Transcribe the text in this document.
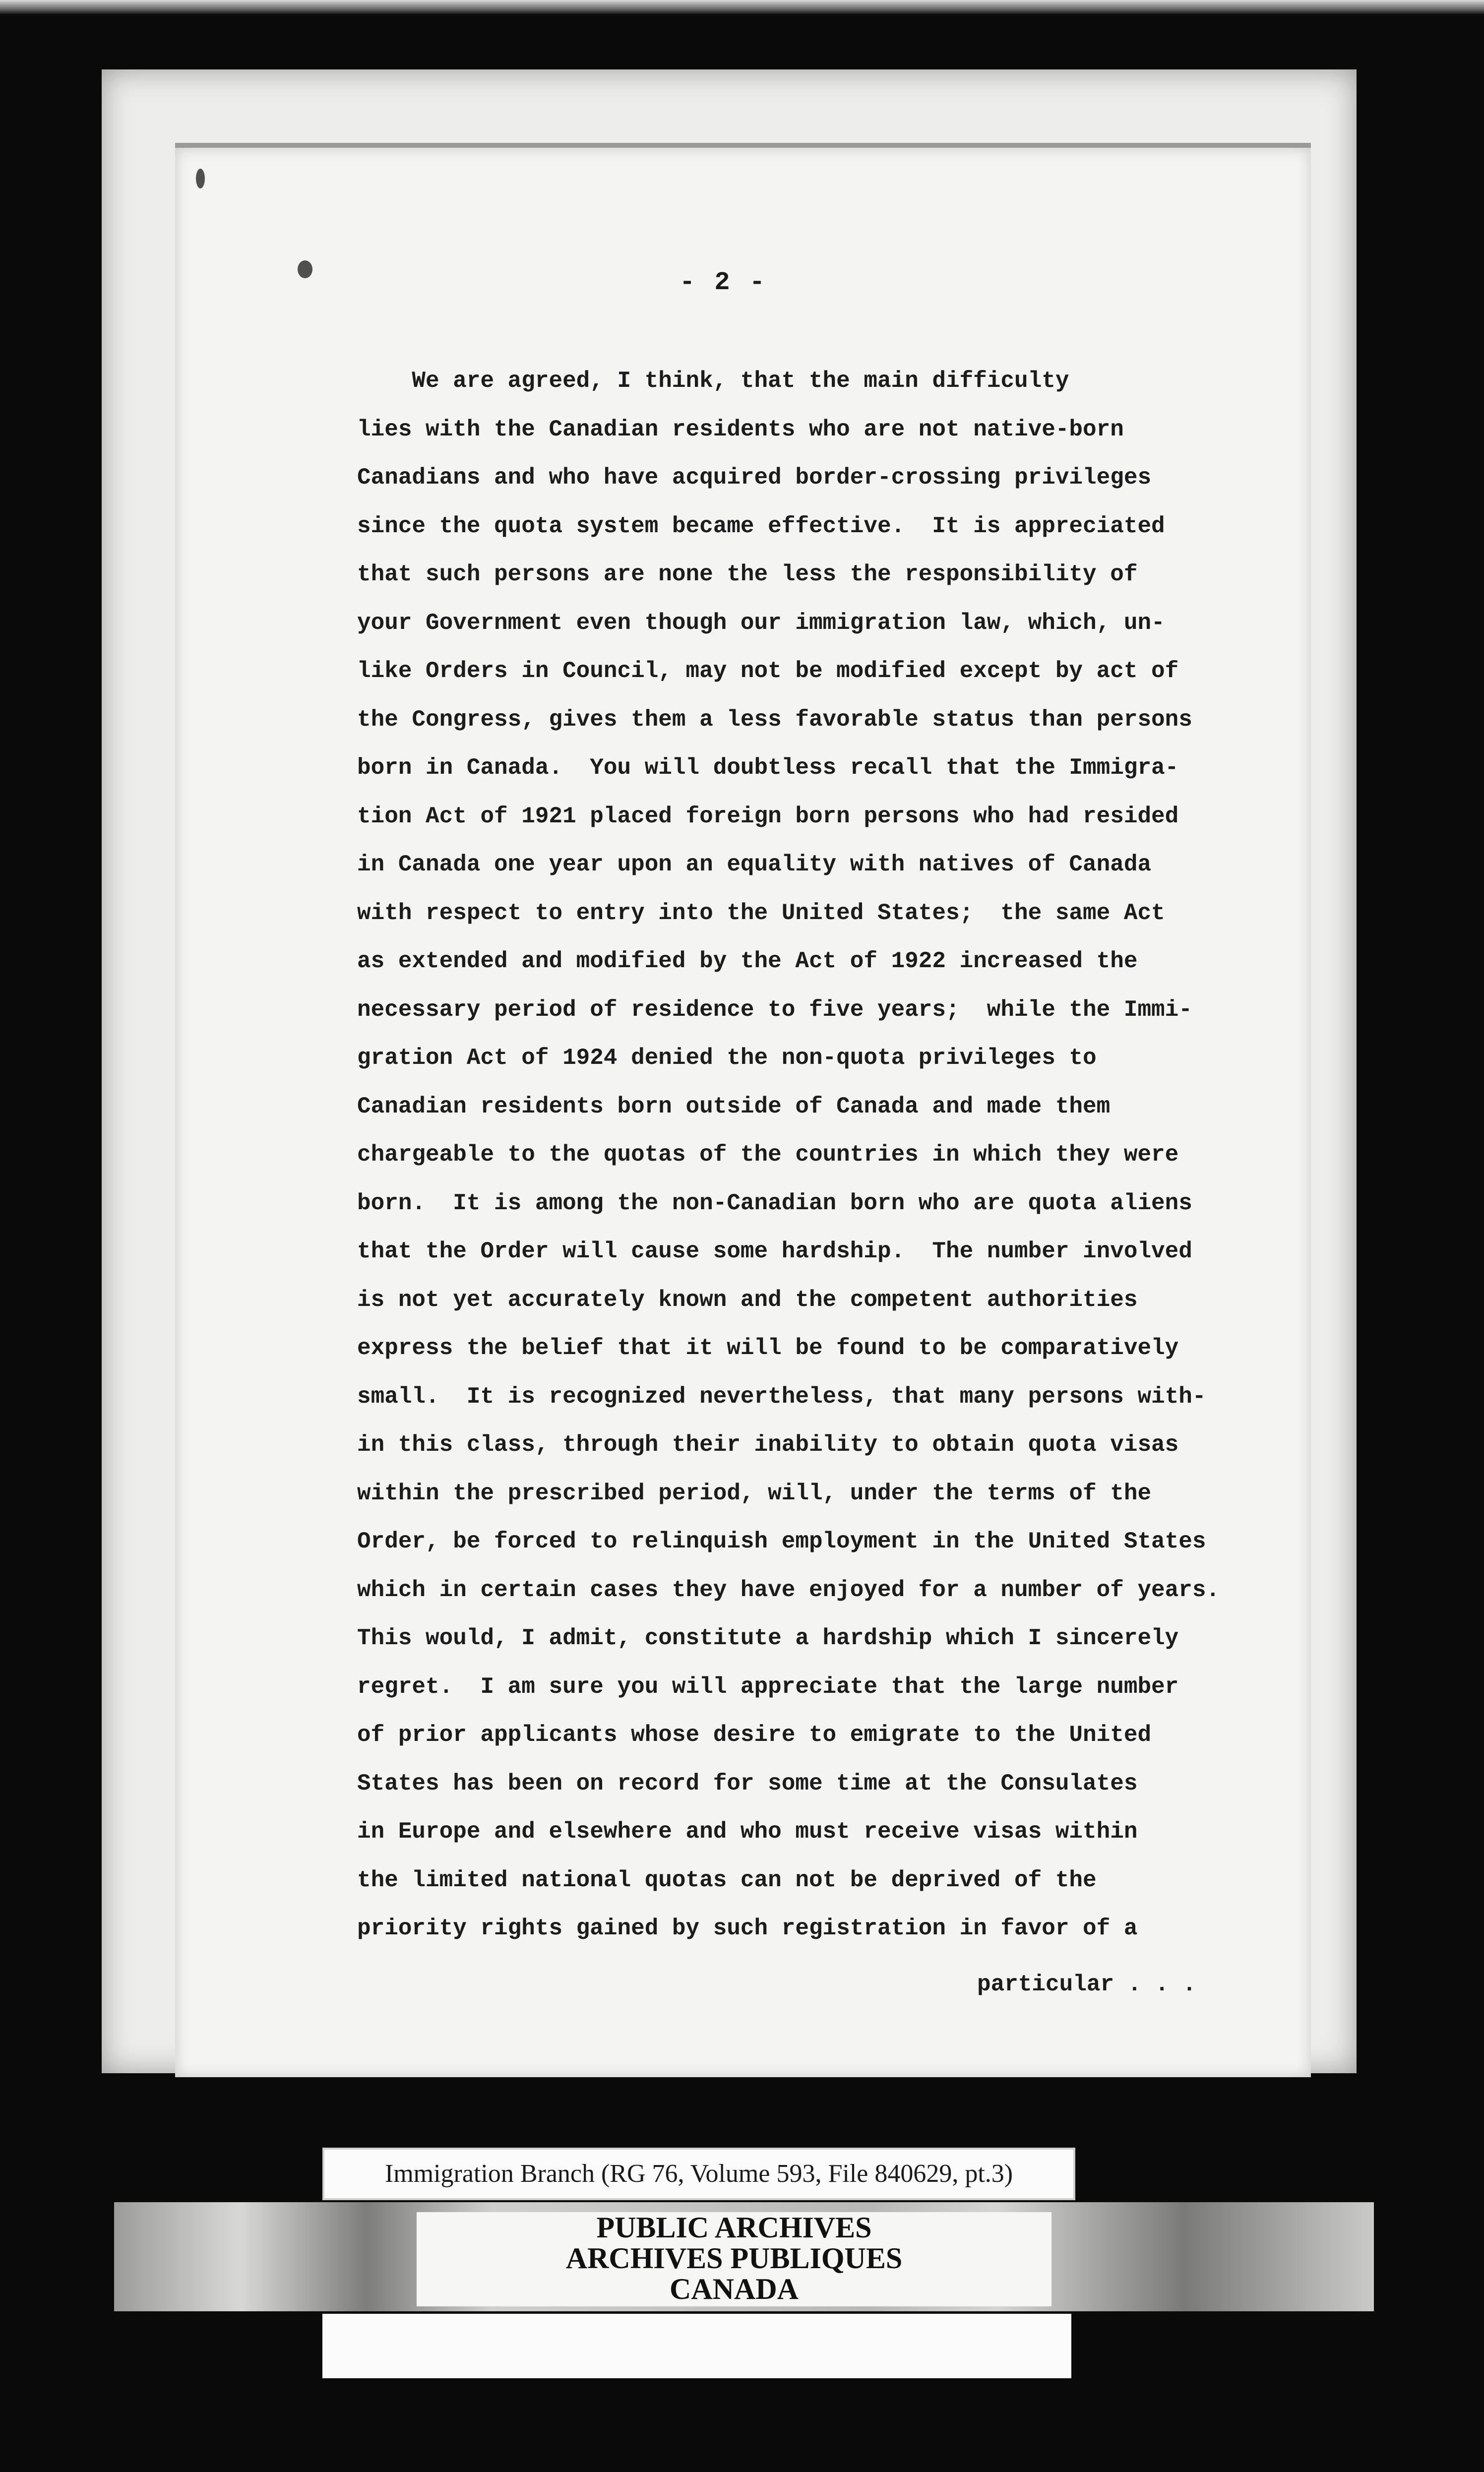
- 2 -
We are agreed, I think, that the main difficulty
lies with the Canadian residents who are not native-born
Canadians and who have acquired border-crossing privileges
since the quota system became effective.  It is appreciated
that such persons are none the less the responsibility of
your Government even though our immigration law, which, un-
like Orders in Council, may not be modified except by act of
the Congress, gives them a less favorable status than persons
born in Canada.  You will doubtless recall that the Immigra-
tion Act of 1921 placed foreign born persons who had resided
in Canada one year upon an equality with natives of Canada
with respect to entry into the United States;  the same Act
as extended and modified by the Act of 1922 increased the
necessary period of residence to five years;  while the Immi-
gration Act of 1924 denied the non-quota privileges to
Canadian residents born outside of Canada and made them
chargeable to the quotas of the countries in which they were
born.  It is among the non-Canadian born who are quota aliens
that the Order will cause some hardship.  The number involved
is not yet accurately known and the competent authorities
express the belief that it will be found to be comparatively
small.  It is recognized nevertheless, that many persons with-
in this class, through their inability to obtain quota visas
within the prescribed period, will, under the terms of the
Order, be forced to relinquish employment in the United States
which in certain cases they have enjoyed for a number of years.
This would, I admit, constitute a hardship which I sincerely
regret.  I am sure you will appreciate that the large number
of prior applicants whose desire to emigrate to the United
States has been on record for some time at the Consulates
in Europe and elsewhere and who must receive visas within
the limited national quotas can not be deprived of the
priority rights gained by such registration in favor of a
particular . . .
Immigration Branch (RG 76, Volume 593, File 840629, pt.3)
PUBLIC ARCHIVES
ARCHIVES PUBLIQUES
CANADA
